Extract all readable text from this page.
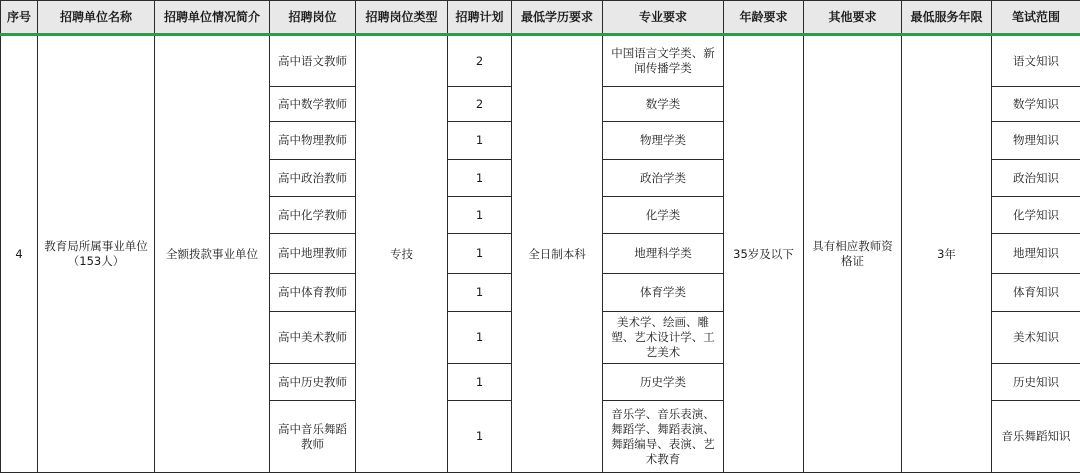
序号	招聘单位名称	招聘单位情况简介	招聘岗位	招聘岗位类型	招聘计划	最低学历要求	专业要求	年龄要求	其他要求	最低服务年限	笔试范围
4	教育局所属事业单位（153人）	全额拨款事业单位	高中语文教师	专技	2	全日制本科	中国语言文学类、新闻传播学类	35岁及以下	具有相应教师资格证	3年	语文知识
			高中数学教师		2		数学类				数学知识
			高中物理教师		1		物理学类				物理知识
			高中政治教师		1		政治学类				政治知识
			高中化学教师		1		化学类				化学知识
			高中地理教师		1		地理科学类				地理知识
			高中体育教师		1		体育学类				体育知识
			高中美术教师		1		美术学、绘画、雕塑、艺术设计学、工艺美术				美术知识
			高中历史教师		1		历史学类				历史知识
			高中音乐舞蹈教师		1		音乐学、音乐表演、舞蹈学、舞蹈表演、舞蹈编导、表演、艺术教育				音乐舞蹈知识
